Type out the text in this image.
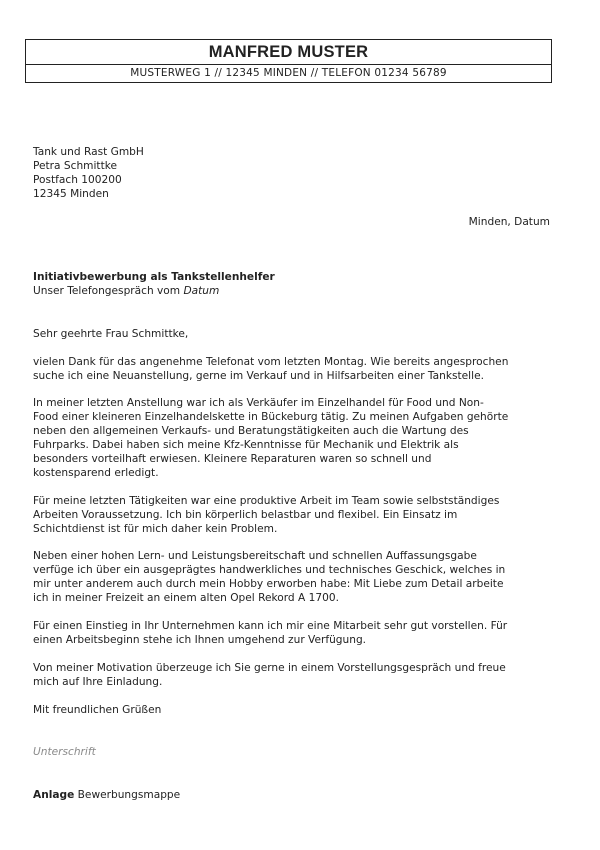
MANFRED MUSTER
MUSTERWEG 1 // 12345 MINDEN // TELEFON 01234 56789
Tank und Rast GmbH
Petra Schmittke
Postfach 100200
12345 Minden
Minden, Datum
Initiativbewerbung als Tankstellenhelfer
Unser Telefongespräch vom Datum
Sehr geehrte Frau Schmittke,
vielen Dank für das angenehme Telefonat vom letzten Montag. Wie bereits angesprochen
suche ich eine Neuanstellung, gerne im Verkauf und in Hilfsarbeiten einer Tankstelle.
In meiner letzten Anstellung war ich als Verkäufer im Einzelhandel für Food und Non-
Food einer kleineren Einzelhandelskette in Bückeburg tätig. Zu meinen Aufgaben gehörte
neben den allgemeinen Verkaufs- und Beratungstätigkeiten auch die Wartung des
Fuhrparks. Dabei haben sich meine Kfz-Kenntnisse für Mechanik und Elektrik als
besonders vorteilhaft erwiesen. Kleinere Reparaturen waren so schnell und
kostensparend erledigt.
Für meine letzten Tätigkeiten war eine produktive Arbeit im Team sowie selbstständiges
Arbeiten Voraussetzung. Ich bin körperlich belastbar und flexibel. Ein Einsatz im
Schichtdienst ist für mich daher kein Problem.
Neben einer hohen Lern- und Leistungsbereitschaft und schnellen Auffassungsgabe
verfüge ich über ein ausgeprägtes handwerkliches und technisches Geschick, welches in
mir unter anderem auch durch mein Hobby erworben habe: Mit Liebe zum Detail arbeite
ich in meiner Freizeit an einem alten Opel Rekord A 1700.
Für einen Einstieg in Ihr Unternehmen kann ich mir eine Mitarbeit sehr gut vorstellen. Für
einen Arbeitsbeginn stehe ich Ihnen umgehend zur Verfügung.
Von meiner Motivation überzeuge ich Sie gerne in einem Vorstellungsgespräch und freue
mich auf Ihre Einladung.
Mit freundlichen Grüßen
Unterschrift
Anlage Bewerbungsmappe
